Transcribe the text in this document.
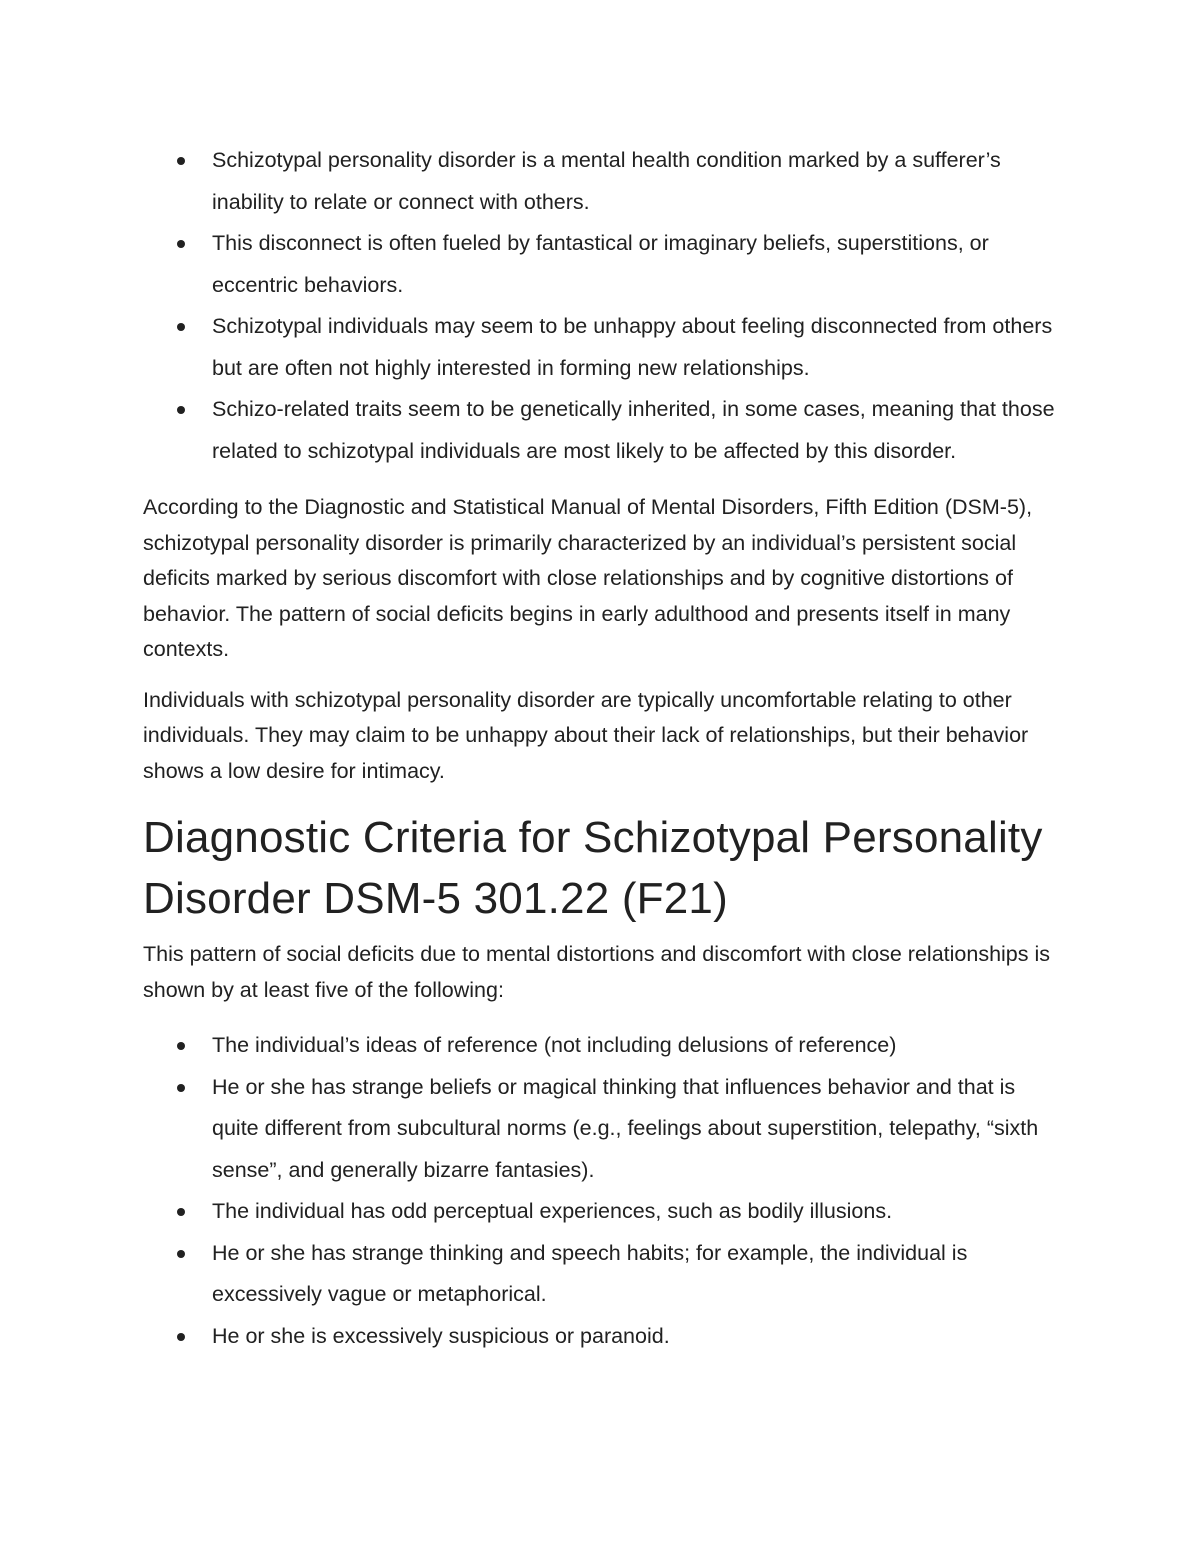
Schizotypal personality disorder is a mental health condition marked by a sufferer’s inability to relate or connect with others.
This disconnect is often fueled by fantastical or imaginary beliefs, superstitions, or eccentric behaviors.
Schizotypal individuals may seem to be unhappy about feeling disconnected from others but are often not highly interested in forming new relationships.
Schizo-related traits seem to be genetically inherited, in some cases, meaning that those related to schizotypal individuals are most likely to be affected by this disorder.

According to the Diagnostic and Statistical Manual of Mental Disorders, Fifth Edition (DSM-5), schizotypal personality disorder is primarily characterized by an individual’s persistent social deficits marked by serious discomfort with close relationships and by cognitive distortions of behavior. The pattern of social deficits begins in early adulthood and presents itself in many contexts.

Individuals with schizotypal personality disorder are typically uncomfortable relating to other individuals. They may claim to be unhappy about their lack of relationships, but their behavior shows a low desire for intimacy.

Diagnostic Criteria for Schizotypal Personality Disorder DSM-5 301.22 (F21)

This pattern of social deficits due to mental distortions and discomfort with close relationships is shown by at least five of the following:

The individual’s ideas of reference (not including delusions of reference)
He or she has strange beliefs or magical thinking that influences behavior and that is quite different from subcultural norms (e.g., feelings about superstition, telepathy, “sixth sense”, and generally bizarre fantasies).
The individual has odd perceptual experiences, such as bodily illusions.
He or she has strange thinking and speech habits; for example, the individual is excessively vague or metaphorical.
He or she is excessively suspicious or paranoid.
